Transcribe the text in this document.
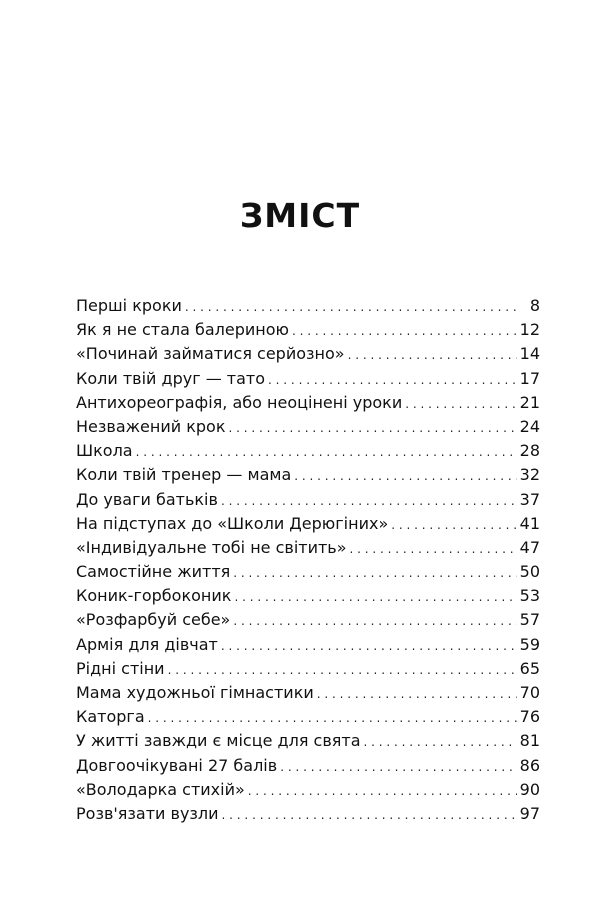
ЗМІСТ
Перші кроки . . .	8
Як я не стала балериною . . .	12
«Починай займатися серйозно» . . .	14
Коли твій друг — тато . . .	17
Антихореографія, або неоцінені уроки . . .	21
Незважений крок . . .	24
Школа . . .	28
Коли твій тренер — мама . . .	32
До уваги батьків . . .	37
На підступах до «Школи Дерюгіних» . . .	41
«Індивідуальне тобі не світить» . . .	47
Самостійне життя . . .	50
Коник-горбоконик . . .	53
«Розфарбуй себе» . . .	57
Армія для дівчат . . .	59
Рідні стіни . . .	65
Мама художньої гімнастики . . .	70
Каторга . . .	76
У житті завжди є місце для свята . . .	81
Довгоочікувані 27 балів . . .	86
«Володарка стихій» . . .	90
Розв'язати вузли . . .	97
